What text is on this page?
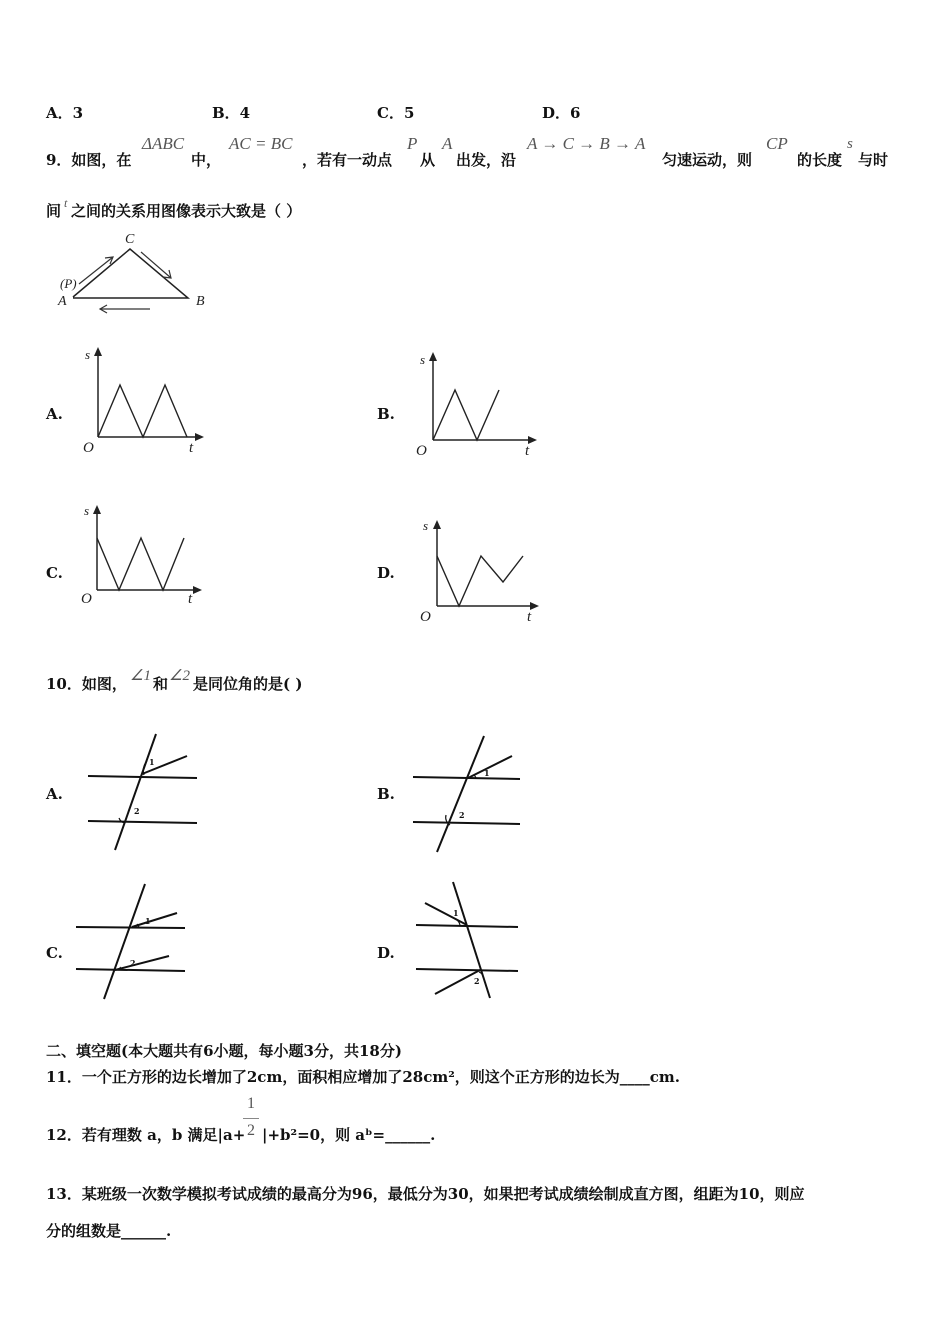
A．3	B．4	C．5	D．6
9．如图，在
ΔABC
中，
AC = BC
，若有一动点
P
从
A
出发，沿
A → C → B → A
匀速运动，则
CP
的长度
s
与时
间 t 之间的关系用图像表示大致是（ ）
C
(P)
A	B
A.	B.
C.	D.
s
O	t
s
O	t
s
O	t
s
O	t
10．如图， ∠1 和 ∠2 是同位角的是( )
A.	B.
C.	D.
1
2
1
2
1
2
1
2
二、填空题(本大题共有6小题，每小题3分，共18分)
11．一个正方形的边长增加了2cm，面积相应增加了28cm²，则这个正方形的边长为____cm.
12．若有理数 a，b 满足|a+
1
2 |+b²=0，则 aᵇ=______.
13．某班级一次数学模拟考试成绩的最高分为96，最低分为30，如果把考试成绩绘制成直方图，组距为10，则应
分的组数是______.
